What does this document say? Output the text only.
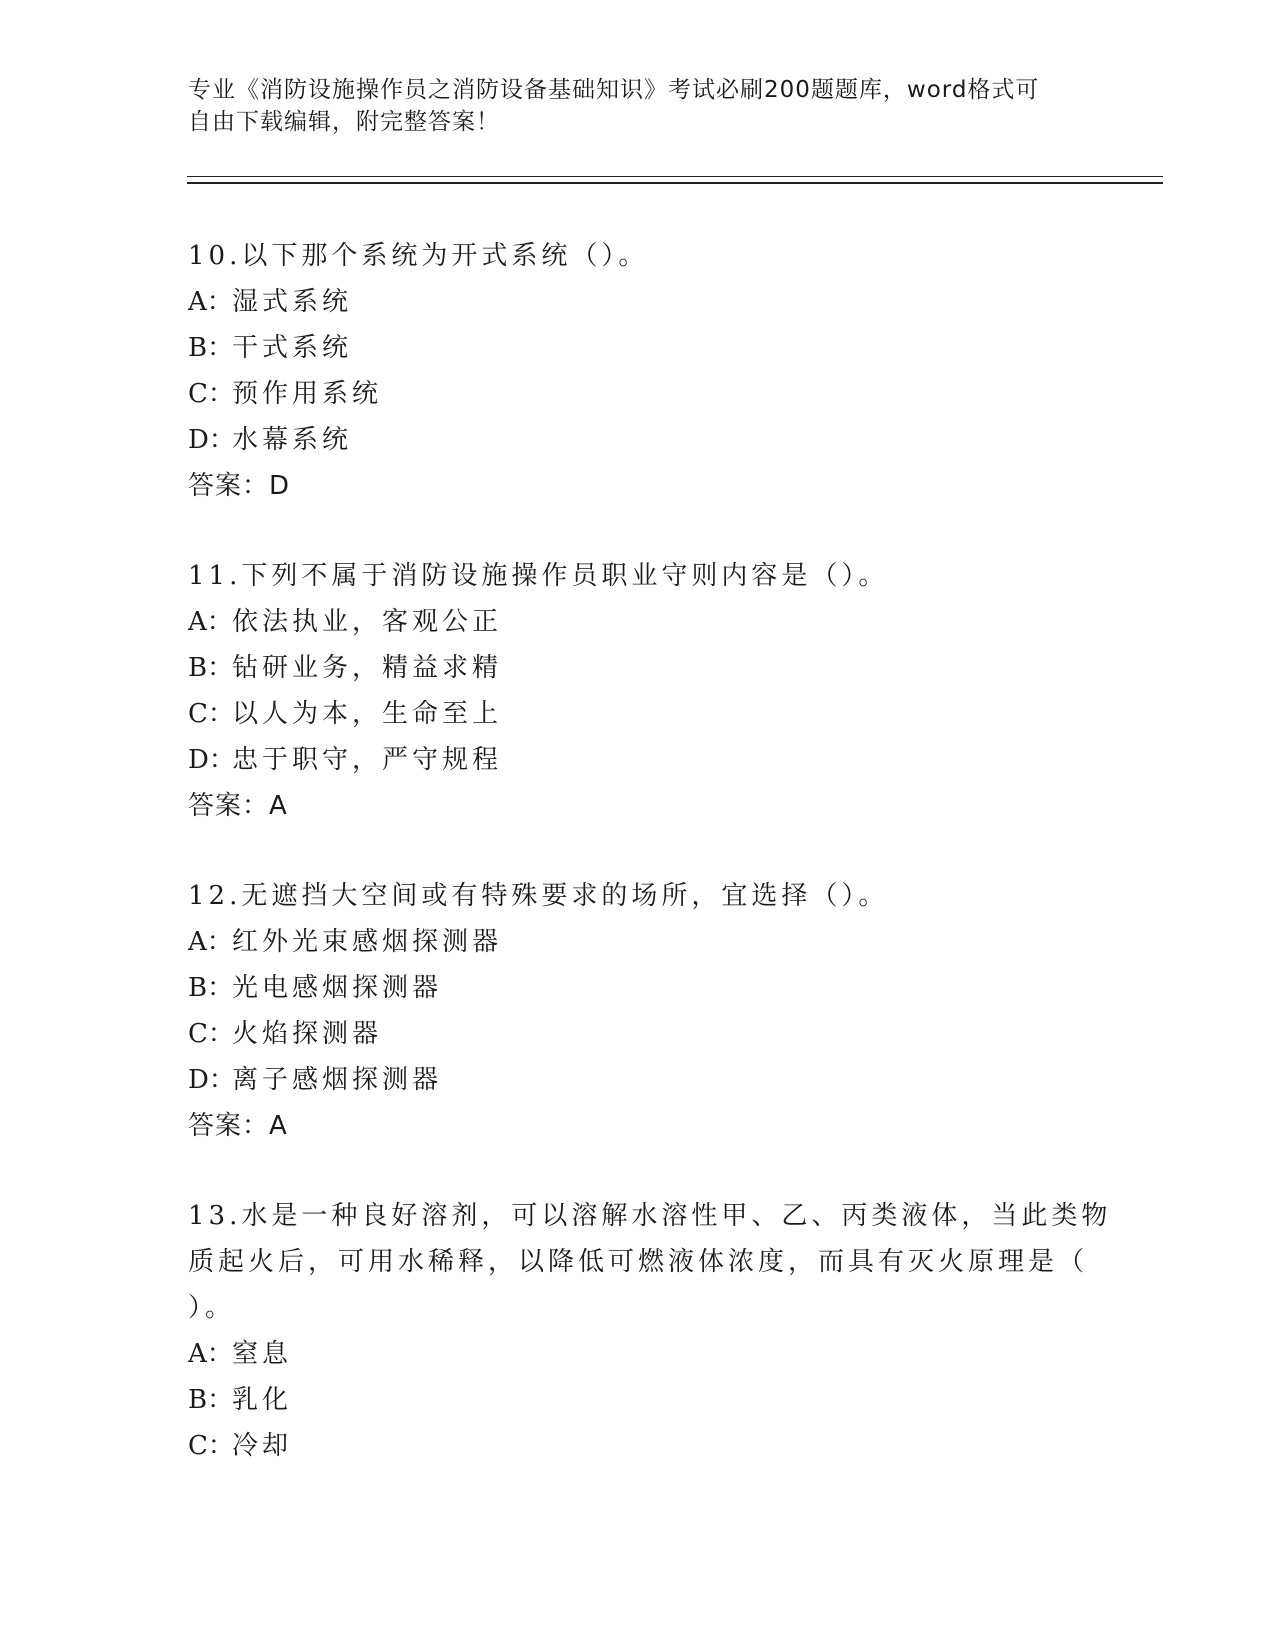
专业《消防设施操作员之消防设备基础知识》考试必刷200题题库，word格式可
自由下载编辑，附完整答案！
10.以下那个系统为开式系统（）。
A：湿式系统
B：干式系统
C：预作用系统
D：水幕系统
答案：D
11.下列不属于消防设施操作员职业守则内容是（）。
A：依法执业，客观公正
B：钻研业务，精益求精
C：以人为本，生命至上
D：忠于职守，严守规程
答案：A
12.无遮挡大空间或有特殊要求的场所，宜选择（）。
A：红外光束感烟探测器
B：光电感烟探测器
C：火焰探测器
D：离子感烟探测器
答案：A
13.水是一种良好溶剂，可以溶解水溶性甲、乙、丙类液体，当此类物
质起火后，可用水稀释，以降低可燃液体浓度，而具有灭火原理是（
）。
A：窒息
B：乳化
C：冷却
